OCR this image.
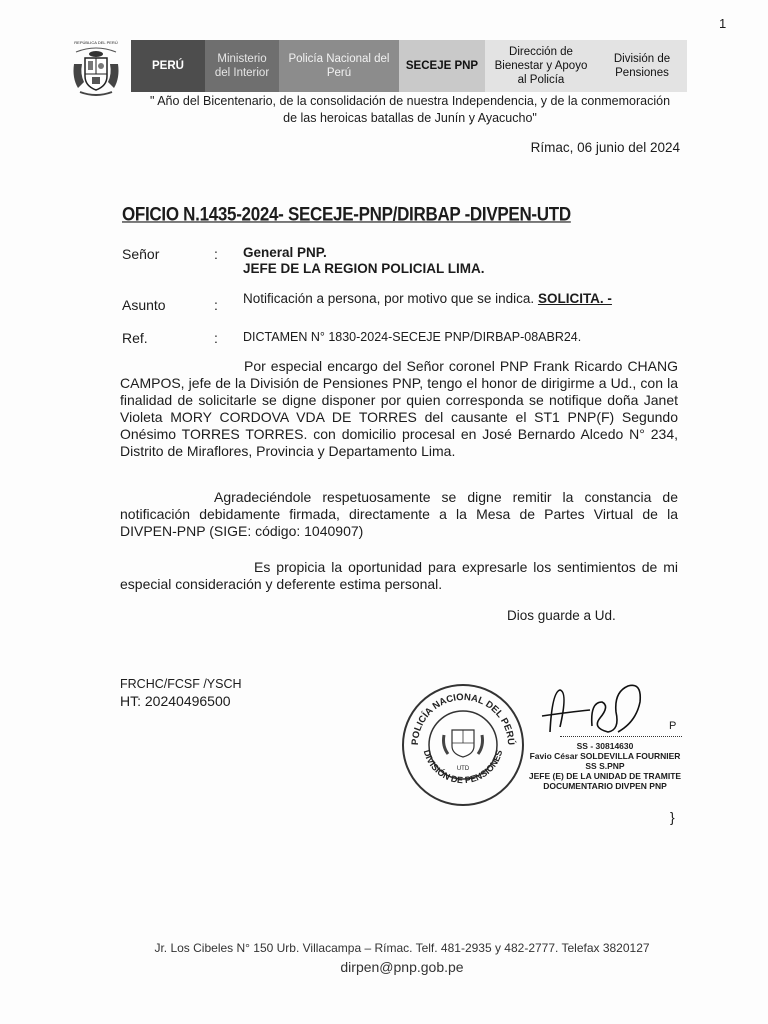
1
REPÚBLICA DEL PERÚ
PERÚ
Ministerio del Interior
Policía Nacional del Perú
SECEJE PNP
Dirección de Bienestar y Apoyo al Policía
División de Pensiones
" Año del Bicentenario, de la consolidación de nuestra Independencia, y de la conmemoración
de las heroicas batallas de Junín y Ayacucho"
Rímac, 06 junio del 2024
OFICIO N.1435-2024- SECEJE-PNP/DIRBAP -DIVPEN-UTD
Señor	: General PNP.
JEFE DE LA REGION POLICIAL LIMA.
Asunto	: Notificación a persona, por motivo que se indica. SOLICITA. -
Ref.	: DICTAMEN N° 1830-2024-SECEJE PNP/DIRBAP-08ABR24.
Por especial encargo del Señor coronel PNP Frank Ricardo CHANG CAMPOS, jefe de la División de Pensiones PNP, tengo el honor de dirigirme a Ud., con la finalidad de solicitarle se digne disponer por quien corresponda se notifique doña Janet Violeta MORY CORDOVA VDA DE TORRES del causante el ST1 PNP(F) Segundo Onésimo TORRES TORRES. con domicilio procesal en José Bernardo Alcedo N° 234, Distrito de Miraflores, Provincia y Departamento Lima.
Agradeciéndole respetuosamente se digne remitir la constancia de notificación debidamente firmada, directamente a la Mesa de Partes Virtual de la DIVPEN-PNP (SIGE: código: 1040907)
Es propicia la oportunidad para expresarle los sentimientos de mi especial consideración y deferente estima personal.
Dios guarde a Ud.
FRCHC/FCSF /YSCH
HT: 20240496500
POLICÍA NACIONAL DEL PERÚ
DIVISIÓN DE PENSIONES
UTD
P
SS - 30814630
Favio César SOLDEVILLA FOURNIER
SS S.PNP
JEFE (E) DE LA UNIDAD DE TRAMITE
DOCUMENTARIO DIVPEN PNP
}
Jr. Los Cibeles N° 150 Urb. Villacampa – Rímac. Telf. 481-2935 y 482-2777. Telefax 3820127
dirpen@pnp.gob.pe
